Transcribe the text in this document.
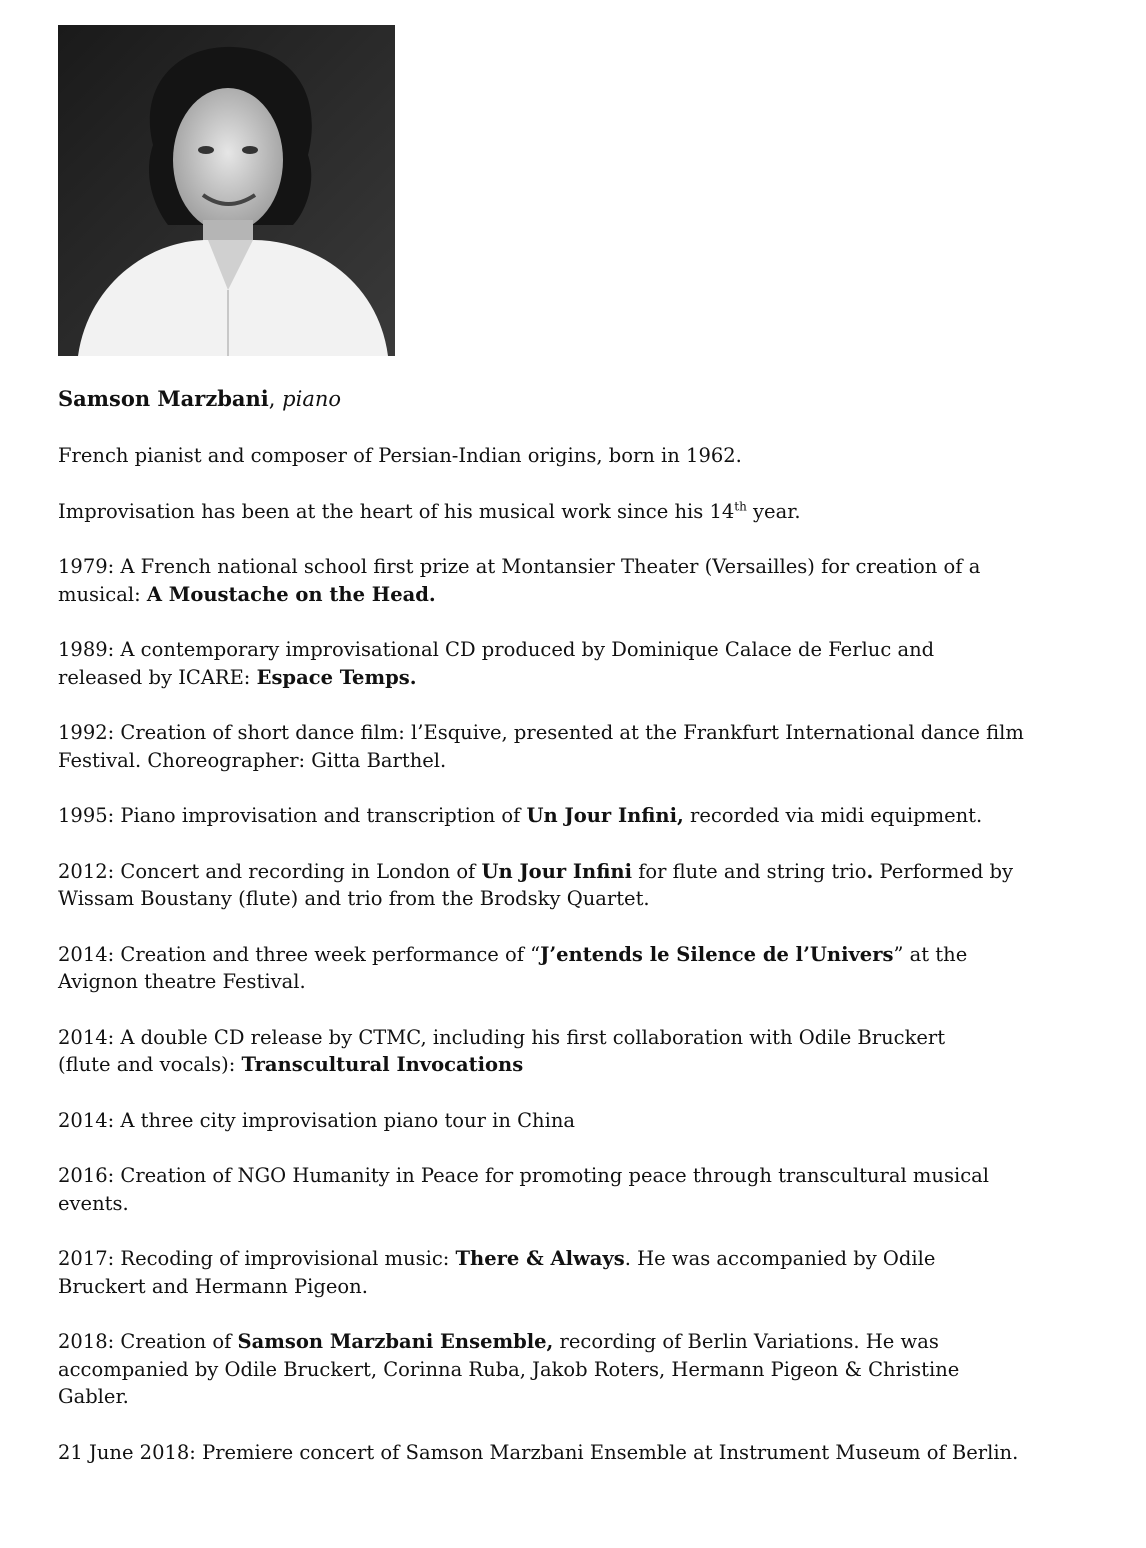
Samson Marzbani, piano

French pianist and composer of Persian-Indian origins, born in 1962.

Improvisation has been at the heart of his musical work since his 14th year.

1979: A French national school first prize at Montansier Theater (Versailles) for creation of a
musical: A Moustache on the Head.

1989: A contemporary improvisational CD produced by Dominique Calace de Ferluc and
released by ICARE: Espace Temps.

1992: Creation of short dance film: l’Esquive, presented at the Frankfurt International dance film
Festival. Choreographer: Gitta Barthel.

1995: Piano improvisation and transcription of Un Jour Infini, recorded via midi equipment.

2012: Concert and recording in London of Un Jour Infini for flute and string trio. Performed by
Wissam Boustany (flute) and trio from the Brodsky Quartet.

2014: Creation and three week performance of “J’entends le Silence de l’Univers” at the
Avignon theatre Festival.

2014: A double CD release by CTMC, including his first collaboration with Odile Bruckert
(flute and vocals): Transcultural Invocations

2014: A three city improvisation piano tour in China

2016: Creation of NGO Humanity in Peace for promoting peace through transcultural musical
events.

2017: Recoding of improvisional music: There & Always. He was accompanied by Odile
Bruckert and Hermann Pigeon.

2018: Creation of Samson Marzbani Ensemble, recording of Berlin Variations. He was
accompanied by Odile Bruckert, Corinna Ruba, Jakob Roters, Hermann Pigeon & Christine
Gabler.

21 June 2018: Premiere concert of Samson Marzbani Ensemble at Instrument Museum of Berlin.
